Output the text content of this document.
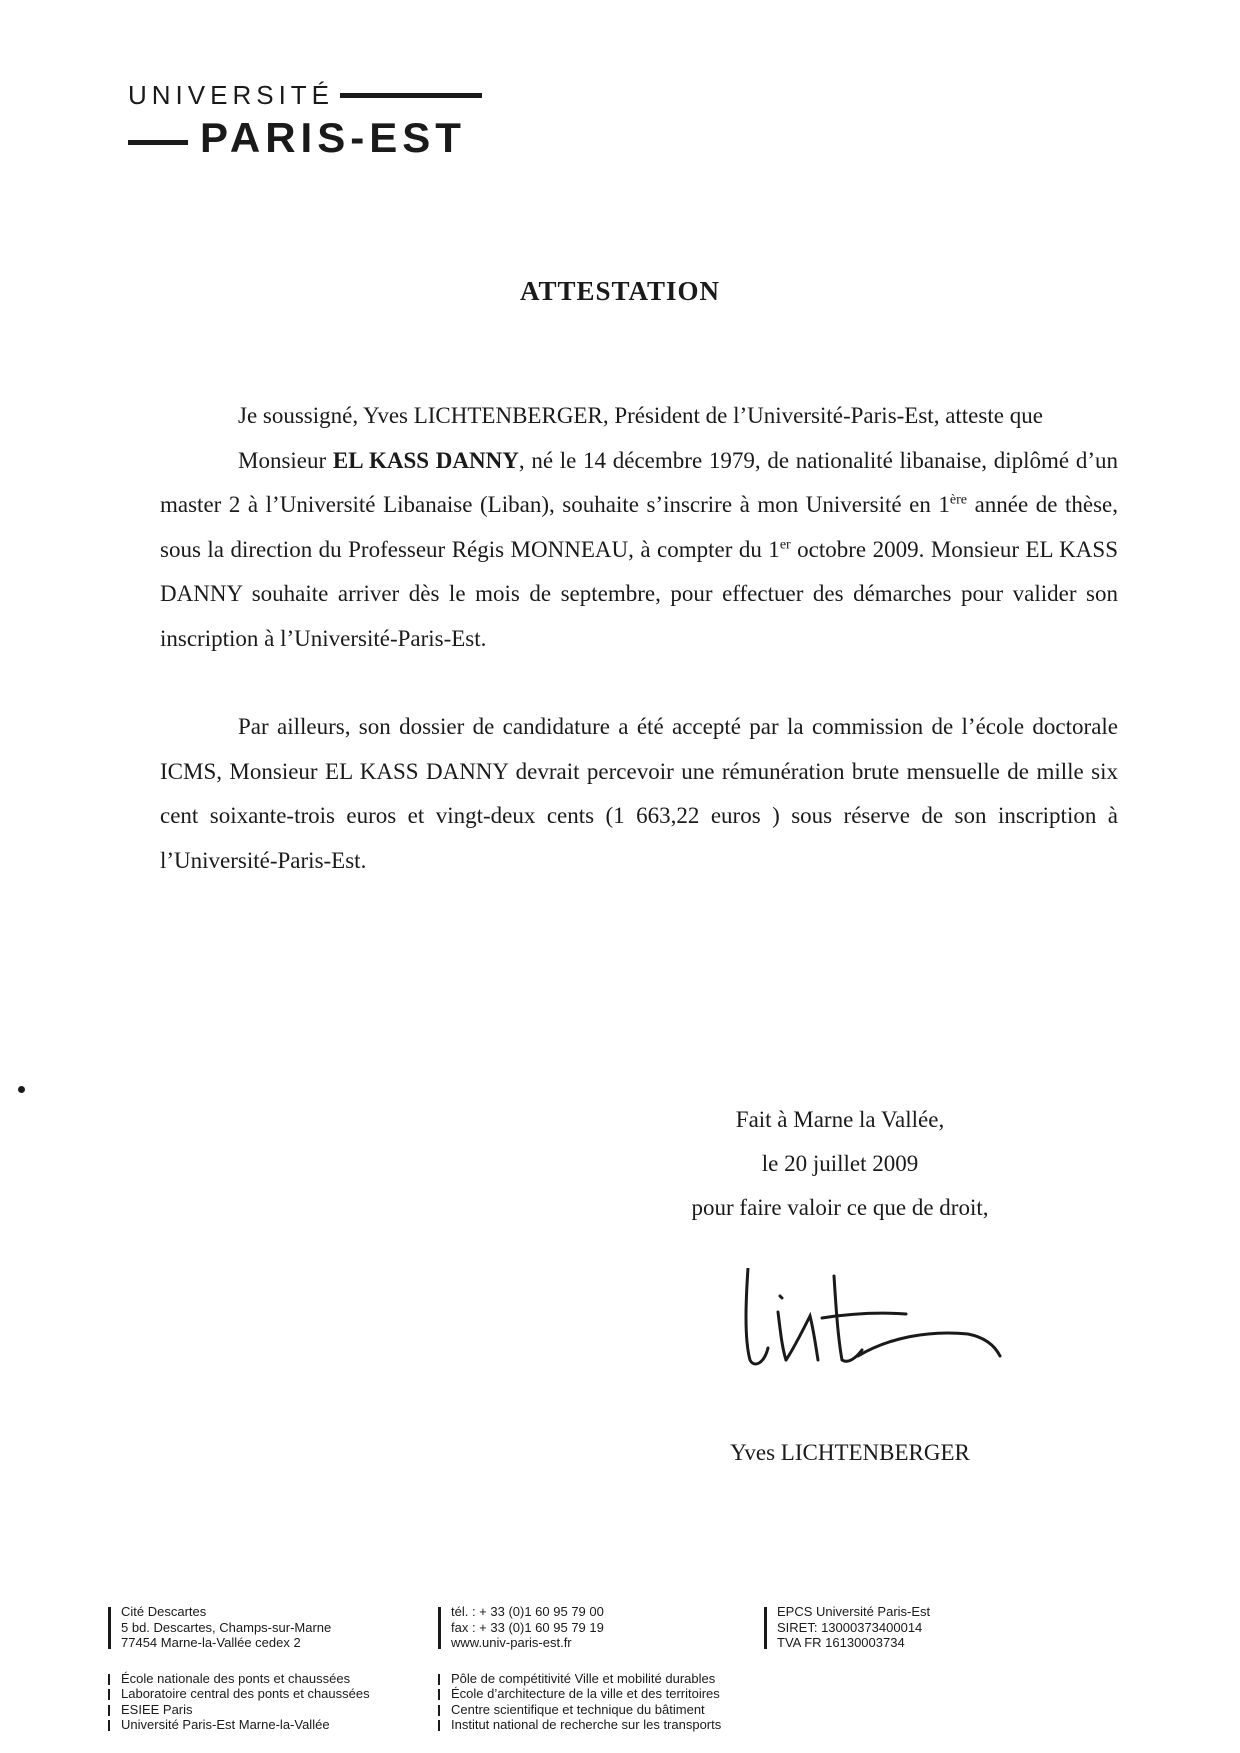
UNIVERSITÉ
PARIS-EST
ATTESTATION

Je soussigné, Yves LICHTENBERGER, Président de l’Université-Paris-Est, atteste que

Monsieur EL KASS DANNY, né le 14 décembre 1979, de nationalité libanaise, diplômé d’un master 2 à l’Université Libanaise (Liban), souhaite s’inscrire à mon Université en 1ère année de thèse, sous la direction du Professeur Régis MONNEAU, à compter du 1er octobre 2009. Monsieur EL KASS DANNY souhaite arriver dès le mois de septembre, pour effectuer des démarches pour valider son inscription à l’Université-Paris-Est.

Par ailleurs, son dossier de candidature a été accepté par la commission de l’école doctorale ICMS, Monsieur EL KASS DANNY devrait percevoir une rémunération brute mensuelle de mille six cent soixante-trois euros et vingt-deux cents (1 663,22 euros ) sous réserve de son inscription à l’Université-Paris-Est.

Fait à Marne la Vallée,
le 20 juillet 2009
pour faire valoir ce que de droit,
Yves LICHTENBERGER
Cité Descartes
5 bd. Descartes, Champs-sur-Marne
77454 Marne-la-Vallée cedex 2
École nationale des ponts et chaussées
Laboratoire central des ponts et chaussées
ESIEE Paris
Université Paris-Est Marne-la-Vallée
tél. : + 33 (0)1 60 95 79 00
fax : + 33 (0)1 60 95 79 19
www.univ-paris-est.fr
Pôle de compétitivité Ville et mobilité durables
École d’architecture de la ville et des territoires
Centre scientifique et technique du bâtiment
Institut national de recherche sur les transports
EPCS Université Paris-Est
SIRET: 13000373400014
TVA FR 16130003734
